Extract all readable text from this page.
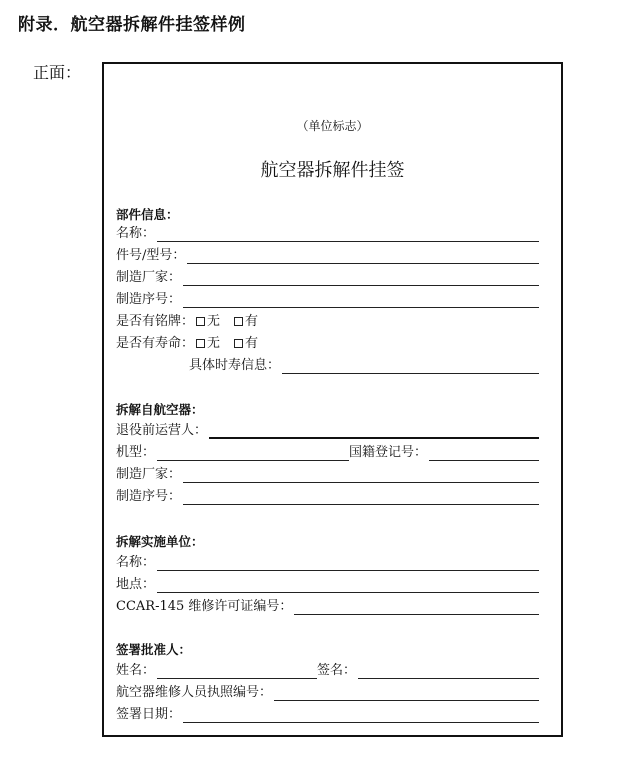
附录．航空器拆解件挂签样例
正面：
（单位标志）
航空器拆解件挂签
部件信息：
名称：
件号/型号：
制造厂家：
制造序号：
是否有铭牌： 无 有
是否有寿命： 无 有
具体时寿信息：
拆解自航空器：
退役前运营人：
机型：	国籍登记号：
制造厂家：
制造序号：
拆解实施单位：
名称：
地点：
CCAR-145 维修许可证编号：
签署批准人：
姓名：	签名：
航空器维修人员执照编号：
签署日期：
